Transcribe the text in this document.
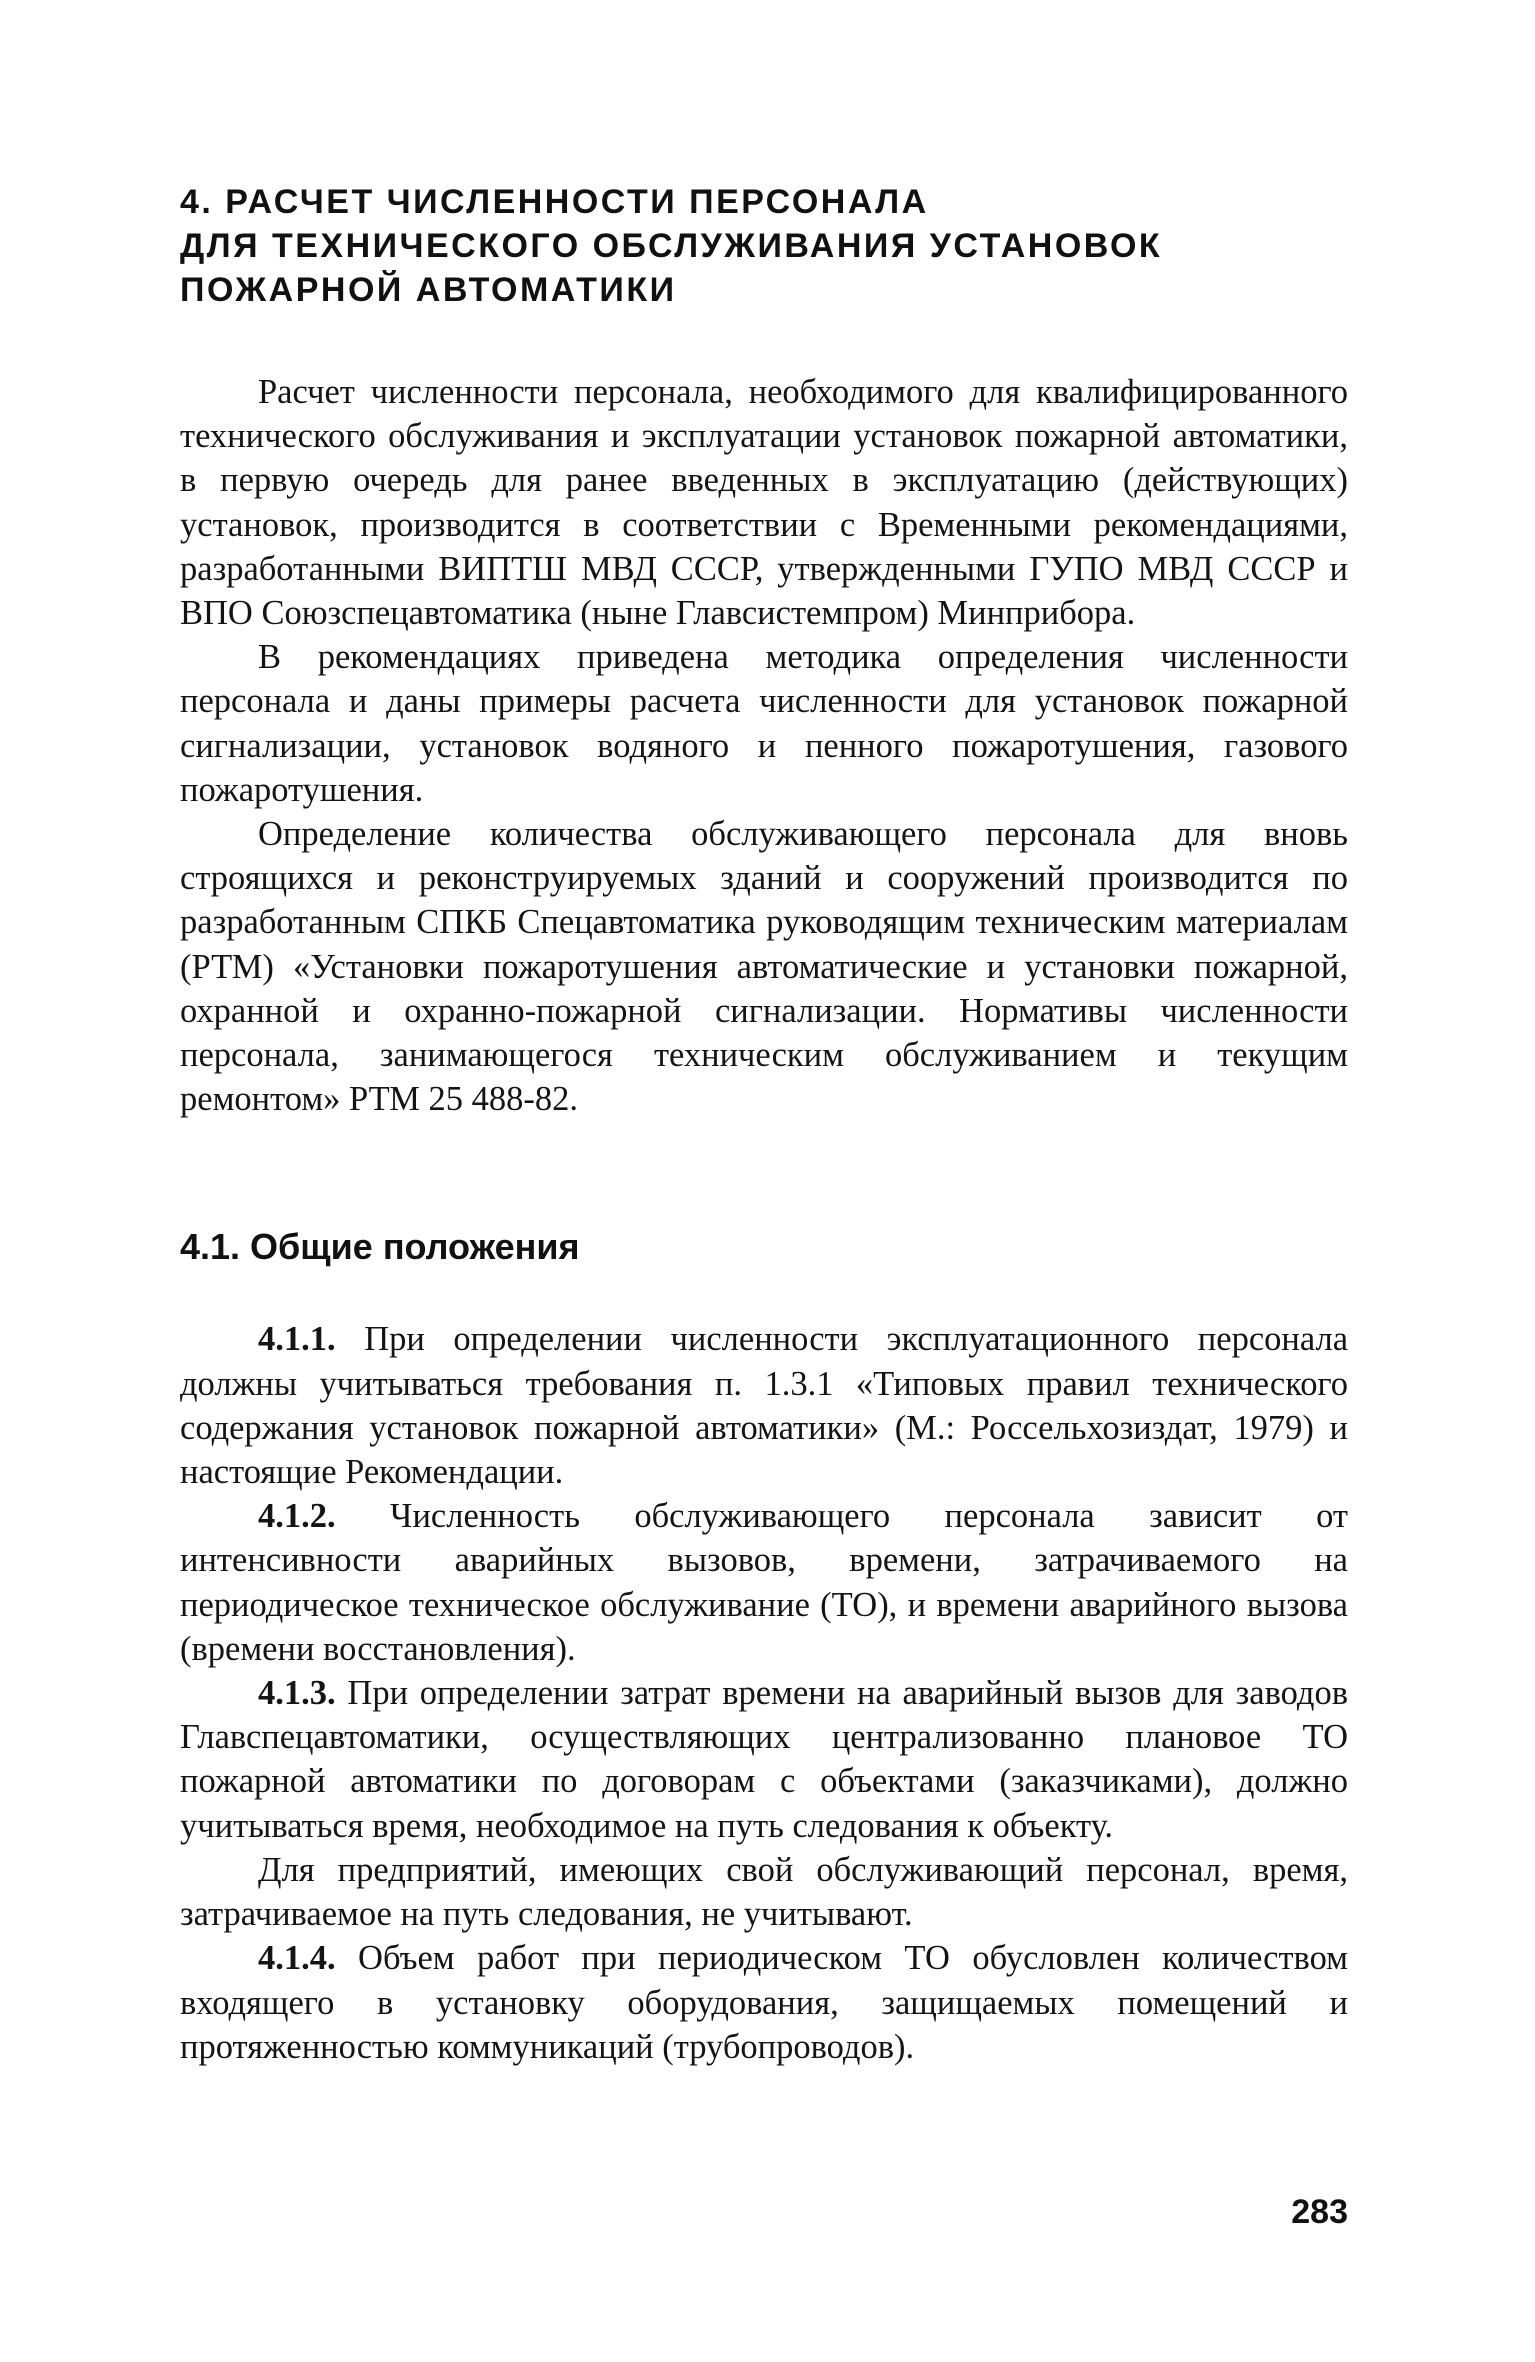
4. РАСЧЕТ ЧИСЛЕННОСТИ ПЕРСОНАЛА
ДЛЯ ТЕХНИЧЕСКОГО ОБСЛУЖИВАНИЯ УСТАНОВОК
ПОЖАРНОЙ АВТОМАТИКИ

Расчет численности персонала, необходимого для квалифицированного технического обслуживания и эксплуатации установок пожарной автоматики, в первую очередь для ранее введенных в эксплуатацию (действующих) установок, производится в соответствии с Временными рекомендациями, разработанными ВИПТШ МВД СССР, утвержденными ГУПО МВД СССР и ВПО Союзспецавтоматика (ныне Главсистемпром) Минприбора.

В рекомендациях приведена методика определения численности персонала и даны примеры расчета численности для установок пожарной сигнализации, установок водяного и пенного пожаротушения, газового пожаротушения.

Определение количества обслуживающего персонала для вновь строящихся и реконструируемых зданий и сооружений производится по разработанным СПКБ Спецавтоматика руководящим техническим материалам (РТМ) «Установки пожаротушения автоматические и установки пожарной, охранной и охранно-пожарной сигнализации. Нормативы численности персонала, занимающегося техническим обслуживанием и текущим ремонтом» РТМ 25 488-82.

4.1. Общие положения

4.1.1. При определении численности эксплуатационного персонала должны учитываться требования п. 1.3.1 «Типовых правил технического содержания установок пожарной автоматики» (М.: Россельхозиздат, 1979) и настоящие Рекомендации.

4.1.2. Численность обслуживающего персонала зависит от интенсивности аварийных вызовов, времени, затрачиваемого на периодическое техническое обслуживание (ТО), и времени аварийного вызова (времени восстановления).

4.1.3. При определении затрат времени на аварийный вызов для заводов Главспецавтоматики, осуществляющих централизованно плановое ТО пожарной автоматики по договорам с объектами (заказчиками), должно учитываться время, необходимое на путь следования к объекту.

Для предприятий, имеющих свой обслуживающий персонал, время, затрачиваемое на путь следования, не учитывают.

4.1.4. Объем работ при периодическом ТО обусловлен количеством входящего в установку оборудования, защищаемых помещений и протяженностью коммуникаций (трубопроводов).

283
